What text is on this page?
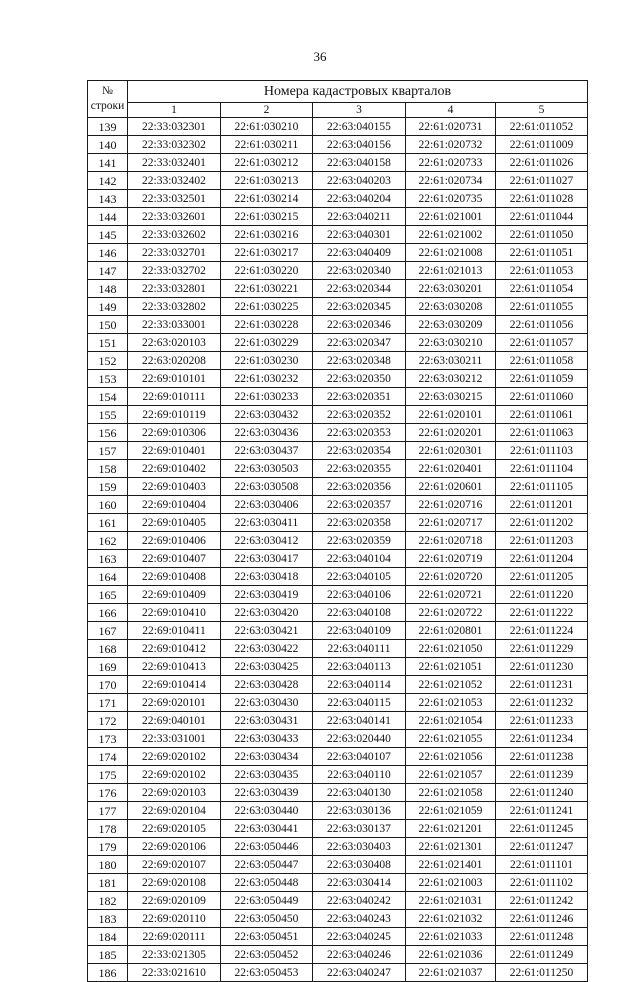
36
№
строки	Номера кадастровых кварталов				
	1	2	3	4	5
139	22:33:032301	22:61:030210	22:63:040155	22:61:020731	22:61:011052
140	22:33:032302	22:61:030211	22:63:040156	22:61:020732	22:61:011009
141	22:33:032401	22:61:030212	22:63:040158	22:61:020733	22:61:011026
142	22:33:032402	22:61:030213	22:63:040203	22:61:020734	22:61:011027
143	22:33:032501	22:61:030214	22:63:040204	22:61:020735	22:61:011028
144	22:33:032601	22:61:030215	22:63:040211	22:61:021001	22:61:011044
145	22:33:032602	22:61:030216	22:63:040301	22:61:021002	22:61:011050
146	22:33:032701	22:61:030217	22:63:040409	22:61:021008	22:61:011051
147	22:33:032702	22:61:030220	22:63:020340	22:61:021013	22:61:011053
148	22:33:032801	22:61:030221	22:63:020344	22:63:030201	22:61:011054
149	22:33:032802	22:61:030225	22:63:020345	22:63:030208	22:61:011055
150	22:33:033001	22:61:030228	22:63:020346	22:63:030209	22:61:011056
151	22:63:020103	22:61:030229	22:63:020347	22:63:030210	22:61:011057
152	22:63:020208	22:61:030230	22:63:020348	22:63:030211	22:61:011058
153	22:69:010101	22:61:030232	22:63:020350	22:63:030212	22:61:011059
154	22:69:010111	22:61:030233	22:63:020351	22:63:030215	22:61:011060
155	22:69:010119	22:63:030432	22:63:020352	22:61:020101	22:61:011061
156	22:69:010306	22:63:030436	22:63:020353	22:61:020201	22:61:011063
157	22:69:010401	22:63:030437	22:63:020354	22:61:020301	22:61:011103
158	22:69:010402	22:63:030503	22:63:020355	22:61:020401	22:61:011104
159	22:69:010403	22:63:030508	22:63:020356	22:61:020601	22:61:011105
160	22:69:010404	22:63:030406	22:63:020357	22:61:020716	22:61:011201
161	22:69:010405	22:63:030411	22:63:020358	22:61:020717	22:61:011202
162	22:69:010406	22:63:030412	22:63:020359	22:61:020718	22:61:011203
163	22:69:010407	22:63:030417	22:63:040104	22:61:020719	22:61:011204
164	22:69:010408	22:63:030418	22:63:040105	22:61:020720	22:61:011205
165	22:69:010409	22:63:030419	22:63:040106	22:61:020721	22:61:011220
166	22:69:010410	22:63:030420	22:63:040108	22:61:020722	22:61:011222
167	22:69:010411	22:63:030421	22:63:040109	22:61:020801	22:61:011224
168	22:69:010412	22:63:030422	22:63:040111	22:61:021050	22:61:011229
169	22:69:010413	22:63:030425	22:63:040113	22:61:021051	22:61:011230
170	22:69:010414	22:63:030428	22:63:040114	22:61:021052	22:61:011231
171	22:69:020101	22:63:030430	22:63:040115	22:61:021053	22:61:011232
172	22:69:040101	22:63:030431	22:63:040141	22:61:021054	22:61:011233
173	22:33:031001	22:63:030433	22:63:020440	22:61:021055	22:61:011234
174	22:69:020102	22:63:030434	22:63:040107	22:61:021056	22:61:011238
175	22:69:020102	22:63:030435	22:63:040110	22:61:021057	22:61:011239
176	22:69:020103	22:63:030439	22:63:040130	22:61:021058	22:61:011240
177	22:69:020104	22:63:030440	22:63:030136	22:61:021059	22:61:011241
178	22:69:020105	22:63:030441	22:63:030137	22:61:021201	22:61:011245
179	22:69:020106	22:63:050446	22:63:030403	22:61:021301	22:61:011247
180	22:69:020107	22:63:050447	22:63:030408	22:61:021401	22:61:011101
181	22:69:020108	22:63:050448	22:63:030414	22:61:021003	22:61:011102
182	22:69:020109	22:63:050449	22:63:040242	22:61:021031	22:61:011242
183	22:69:020110	22:63:050450	22:63:040243	22:61:021032	22:61:011246
184	22:69:020111	22:63:050451	22:63:040245	22:61:021033	22:61:011248
185	22:33:021305	22:63:050452	22:63:040246	22:61:021036	22:61:011249
186	22:33:021610	22:63:050453	22:63:040247	22:61:021037	22:61:011250
